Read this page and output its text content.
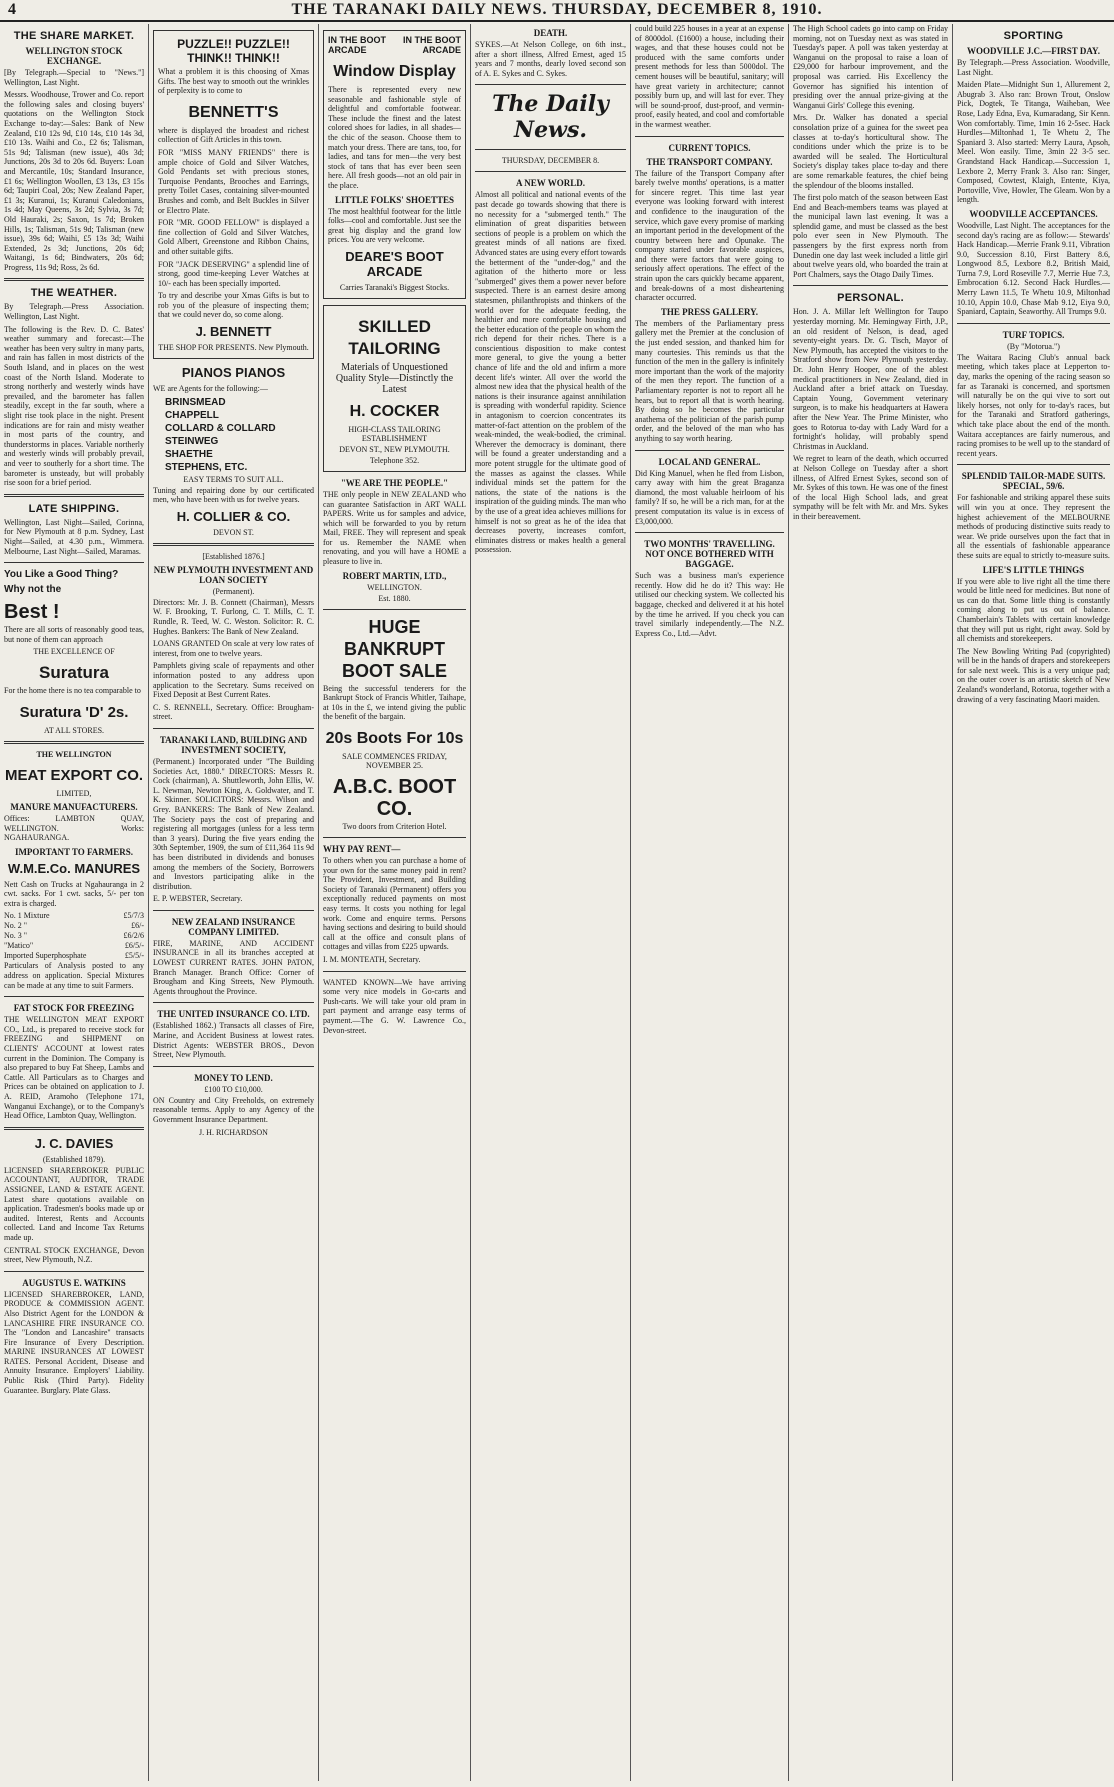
4	THE TARANAKI DAILY NEWS. THURSDAY, DECEMBER 8, 1910.
THE SHARE MARKET.
WELLINGTON STOCK EXCHANGE.

[By Telegraph.—Special to "News."] Wellington, Last Night.

Messrs. Woodhouse, Trower and Co. report the following sales and closing buyers' quotations on the Wellington Stock Exchange to-day:—Sales: Bank of New Zealand, £10 12s 9d, £10 14s, £10 14s 3d, £10 13s. Waihi and Co., £2 6s; Talisman, 51s 9d; Talisman (new issue), 40s 3d; Junctions, 20s 3d to 20s 6d. Buyers: Loan and Mercantile, 10s; Standard Insurance, £1 6s; Wellington Woollen, £3 13s, £3 15s 6d; Taupiri Coal, 20s; New Zealand Paper, £1 3s; Kuranui, 1s; Kuranui Caledonians, 1s 4d; May Queens, 3s 2d; Sylvia, 3s 7d; Old Hauraki, 2s; Saxon, 1s 7d; Broken Hills, 1s; Talisman, 51s 9d; Talisman (new issue), 39s 6d; Waihi, £5 13s 3d; Waihi Extended, 2s 3d; Junctions, 20s 6d; Waitangi, 1s 6d; Bindwaters, 20s 6d; Progress, 11s 9d; Ross, 2s 6d.

THE WEATHER.

By Telegraph.—Press Association. Wellington, Last Night.

The following is the Rev. D. C. Bates' weather summary and forecast:—The weather has been very sultry in many parts, and rain has fallen in most districts of the South Island, and in places on the west coast of the North Island. Moderate to strong northerly and westerly winds have prevailed, and the barometer has fallen steadily, except in the far south, where a slight rise took place in the night. Present indications are for rain and misty weather in most parts of the country, and thunderstorms in places. Variable northerly and westerly winds will probably prevail, and veer to southerly for a short time. The barometer is unsteady, but will probably rise soon for a brief period.

LATE SHIPPING.

Wellington, Last Night—Sailed, Corinna, for New Plymouth at 8 p.m. Sydney, Last Night—Sailed, at 4.30 p.m., Wimmera. Melbourne, Last Night—Sailed, Maramas.

You Like a Good Thing?
Why not the
Best !

There are all sorts of reasonably good teas, but none of them can approach

THE EXCELLENCE OF
Suratura

For the home there is no tea comparable to

Suratura 'D' 2s.
AT ALL STORES.
THE WELLINGTON
MEAT EXPORT CO.
LIMITED,
MANURE MANUFACTURERS.

Offices: LAMBTON QUAY, WELLINGTON. Works: NGAHAURANGA.

IMPORTANT TO FARMERS.
W.M.E.Co. MANURES

Nett Cash on Trucks at Ngahauranga in 2 cwt. sacks. For 1 cwt. sacks, 5/- per ton extra is charged.

No. 1 Mixture	£5/7/3
No. 2 "	£6/-
No. 3 "	£6/2/6
"Matico"	£6/5/-
Imported Superphosphate	£5/5/-

Particulars of Analysis posted to any address on application. Special Mixtures can be made at any time to suit Farmers.

FAT STOCK FOR FREEZING

THE WELLINGTON MEAT EXPORT CO., Ltd., is prepared to receive stock for FREEZING and SHIPMENT on CLIENTS' ACCOUNT at lowest rates current in the Dominion. The Company is also prepared to buy Fat Sheep, Lambs and Cattle. All Particulars as to Charges and Prices can be obtained on application to J. A. REID, Aramoho (Telephone 171, Wanganui Exchange), or to the Company's Head Office, Lambton Quay, Wellington.

J. C. DAVIES
(Established 1879).

LICENSED SHAREBROKER PUBLIC ACCOUNTANT, AUDITOR, TRADE ASSIGNEE, LAND & ESTATE AGENT. Latest share quotations available on application. Tradesmen's books made up or audited. Interest, Rents and Accounts collected. Land and Income Tax Returns made up.

CENTRAL STOCK EXCHANGE, Devon street, New Plymouth, N.Z.

AUGUSTUS E. WATKINS

LICENSED SHAREBROKER, LAND, PRODUCE & COMMISSION AGENT. Also District Agent for the LONDON & LANCASHIRE FIRE INSURANCE CO. The "London and Lancashire" transacts Fire Insurance of Every Description. MARINE INSURANCES AT LOWEST RATES. Personal Accident, Disease and Annuity Insurance. Employers' Liability. Public Risk (Third Party). Fidelity Guarantee. Burglary. Plate Glass.

PUZZLE!! PUZZLE!! THINK!! THINK!!

What a problem it is this choosing of Xmas Gifts. The best way to smooth out the wrinkles of perplexity is to come to

BENNETT'S

where is displayed the broadest and richest collection of Gift Articles in this town.

FOR "MISS MANY FRIENDS" there is ample choice of Gold and Silver Watches, Gold Pendants set with precious stones, Turquoise Pendants, Brooches and Earrings, pretty Toilet Cases, containing silver-mounted Brushes and comb, and Belt Buckles in Silver or Electro Plate.

FOR "MR. GOOD FELLOW" is displayed a fine collection of Gold and Silver Watches, Gold Albert, Greenstone and Ribbon Chains, and other suitable gifts.

FOR "JACK DESERVING" a splendid line of strong, good time-keeping Lever Watches at 10/- each has been specially imported.

To try and describe your Xmas Gifts is but to rob you of the pleasure of inspecting them; that we could never do, so come along.

J. BENNETT
THE SHOP FOR PRESENTS. New Plymouth.
PIANOS PIANOS

WE are Agents for the following:—

BRINSMEAD
CHAPPELL
COLLARD & COLLARD
STEINWEG
SHAETHE
STEPHENS, ETC.
EASY TERMS TO SUIT ALL.

Tuning and repairing done by our certificated men, who have been with us for twelve years.

H. COLLIER & CO.
DEVON ST.
[Established 1876.]
NEW PLYMOUTH INVESTMENT AND LOAN SOCIETY
(Permanent).

Directors: Mr. J. B. Connett (Chairman), Messrs W. F. Brooking, T. Furlong, C. T. Mills, C. T. Rundle, R. Teed, W. C. Weston. Solicitor: R. C. Hughes. Bankers: The Bank of New Zealand.

LOANS GRANTED On scale at very low rates of interest, from one to twelve years.

Pamphlets giving scale of repayments and other information posted to any address upon application to the Secretary. Sums received on Fixed Deposit at Best Current Rates.

C. S. RENNELL, Secretary. Office: Brougham-street.

TARANAKI LAND, BUILDING AND INVESTMENT SOCIETY,

(Permanent.) Incorporated under "The Building Societies Act, 1880." DIRECTORS: Messrs R. Cock (chairman), A. Shuttleworth, John Ellis, W. L. Newman, Newton King, A. Goldwater, and T. K. Skinner. SOLICITORS: Messrs. Wilson and Grey. BANKERS: The Bank of New Zealand. The Society pays the cost of preparing and registering all mortgages (unless for a less term than 3 years). During the five years ending the 30th September, 1909, the sum of £11,364 11s 9d has been distributed in dividends and bonuses among the members of the Society, Borrowers and Investors participating alike in the distribution.

E. P. WEBSTER, Secretary.

NEW ZEALAND INSURANCE COMPANY LIMITED.

FIRE, MARINE, AND ACCIDENT INSURANCE in all its branches accepted at LOWEST CURRENT RATES. JOHN PATON, Branch Manager. Branch Office: Corner of Brougham and King Streets, New Plymouth. Agents throughout the Province.

THE UNITED INSURANCE CO. LTD.

(Established 1862.) Transacts all classes of Fire, Marine, and Accident Business at lowest rates. District Agents: WEBSTER BROS., Devon Street, New Plymouth.

MONEY TO LEND.
£100 TO £10,000.

ON Country and City Freeholds, on extremely reasonable terms. Apply to any Agency of the Government Insurance Department.

J. H. RICHARDSON
IN THE BOOT ARCADE
IN THE BOOT ARCADE
Window Display

There is represented every new seasonable and fashionable style of delightful and comfortable footwear. These include the finest and the latest colored shoes for ladies, in all shades—the chic of the season. Choose them to match your dress. There are tans, too, for ladies, and tans for men—the very best stock of tans that has ever been seen here. All fresh goods—not an old pair in the place.

LITTLE FOLKS' SHOETTES

The most healthful footwear for the little folks—cool and comfortable. Just see the great big display and the grand low prices. You are very welcome.

DEARE'S BOOT ARCADE
Carries Taranaki's Biggest Stocks.
SKILLED TAILORING
Materials of Unquestioned Quality Style—Distinctly the Latest
H. COCKER
HIGH-CLASS TAILORING ESTABLISHMENT
DEVON ST., NEW PLYMOUTH.
Telephone 352.
"WE ARE THE PEOPLE."

THE only people in NEW ZEALAND who can guarantee Satisfaction in ART WALL PAPERS. Write us for samples and advice, which will be forwarded to you by return Mail, FREE. They will represent and speak for us. Remember the NAME when renovating, and you will have a HOME a pleasure to live in.

ROBERT MARTIN, LTD.,
WELLINGTON.
Est. 1880.
HUGE BANKRUPT BOOT SALE

Being the successful tenderers for the Bankrupt Stock of Francis Whitler, Taihape, at 10s in the £, we intend giving the public the benefit of the bargain.

20s Boots For 10s
SALE COMMENCES FRIDAY, NOVEMBER 25.
A.B.C. BOOT CO.
Two doors from Criterion Hotel.
WHY PAY RENT—

To others when you can purchase a home of your own for the same money paid in rent? The Provident, Investment, and Building Society of Taranaki (Permanent) offers you exceptionally reduced payments on most easy terms. It costs you nothing for legal work. Come and enquire terms. Persons having sections and desiring to build should call at the office and consult plans of cottages and villas from £225 upwards.

I. M. MONTEATH, Secretary.

WANTED KNOWN—We have arriving some very nice models in Go-carts and Push-carts. We will take your old pram in part payment and arrange easy terms of payment.—The G. W. Lawrence Co., Devon-street.

DEATH.

SYKES.—At Nelson College, on 6th inst., after a short illness, Alfred Ernest, aged 15 years and 7 months, dearly loved second son of A. E. Sykes and C. Sykes.

The Daily News.
THURSDAY, DECEMBER 8.
A NEW WORLD.

Almost all political and national events of the past decade go towards showing that there is no necessity for a "submerged tenth." The elimination of great disparities between sections of people is a problem on which the greatest minds of all nations are fixed. Advanced states are using every effort towards the betterment of the "under-dog," and the agitation of the hitherto more or less "submerged" gives them a power never before suspected. There is an earnest desire among statesmen, philanthropists and thinkers of the world over for the adequate feeding, the healthier and more comfortable housing and the better education of the people on whom the rich depend for their riches. There is a conscientious disposition to make contest more general, to give the young a better chance of life and the old and infirm a more decent life's winter. All over the world the almost new idea that the physical health of the nations is their insurance against annihilation is spreading with wonderful rapidity. Science in antagonism to coercion concentrates its matter-of-fact attention on the problem of the weak-minded, the weak-bodied, the criminal. Wherever the democracy is dominant, there will be found a greater understanding and a more potent struggle for the ultimate good of the masses as against the classes. While individual minds set the pattern for the nations, the state of the nations is the inspiration of the guiding minds. The man who by the use of a great idea achieves millions for himself is not so great as he of the idea that decreases poverty, increases comfort, eliminates distress or makes health a general possession.

could build 225 houses in a year at an expense of 8000dol. (£1600) a house, including their wages, and that these houses could not be produced with the same comforts under present methods for less than 5000dol. The cement houses will be beautiful, sanitary; will have great variety in architecture; cannot possibly burn up, and will last for ever. They will be sound-proof, dust-proof, and vermin-proof, easily heated, and cool and comfortable in the warmest weather.

CURRENT TOPICS.
THE TRANSPORT COMPANY.

The failure of the Transport Company after barely twelve months' operations, is a matter for sincere regret. This time last year everyone was looking forward with interest and confidence to the inauguration of the service, which gave every promise of marking an important period in the development of the country between here and Opunake. The company started under favorable auspices, and there were factors that were going to seriously affect operations. The effect of the strain upon the cars quickly became apparent, and break-downs of a most disheartening character occurred.

THE PRESS GALLERY.

The members of the Parliamentary press gallery met the Premier at the conclusion of the just ended session, and thanked him for many courtesies. This reminds us that the function of the men in the gallery is infinitely more important than the work of the majority of the men they report. The function of a Parliamentary reporter is not to report all he hears, but to report all that is worth hearing. By doing so he becomes the particular anathema of the politician of the parish pump order, and the beloved of the man who has anything to say worth hearing.

LOCAL AND GENERAL.

Did King Manuel, when he fled from Lisbon, carry away with him the great Braganza diamond, the most valuable heirloom of his family? If so, he will be a rich man, for at the present computation its value is in excess of £3,000,000.

TWO MONTHS' TRAVELLING. NOT ONCE BOTHERED WITH BAGGAGE.

Such was a business man's experience recently. How did he do it? This way: He utilised our checking system. We collected his baggage, checked and delivered it at his hotel by the time he arrived. If you check you can travel similarly independently.—The N.Z. Express Co., Ltd.—Advt.

The High School cadets go into camp on Friday morning, not on Tuesday next as was stated in Tuesday's paper. A poll was taken yesterday at Wanganui on the proposal to raise a loan of £29,000 for harbour improvement, and the proposal was carried. His Excellency the Governor has signified his intention of presiding over the annual prize-giving at the Wanganui Girls' College this evening.

Mrs. Dr. Walker has donated a special consolation prize of a guinea for the sweet pea classes at to-day's horticultural show. The conditions under which the prize is to be awarded will be sealed. The Horticultural Society's display takes place to-day and there are some remarkable features, the chief being the splendour of the blooms installed.

The first polo match of the season between East End and Beach-members teams was played at the municipal lawn last evening. It was a splendid game, and must be classed as the best polo ever seen in New Plymouth. The passengers by the first express north from Dunedin one day last week included a little girl about twelve years old, who boarded the train at Port Chalmers, says the Otago Daily Times.

PERSONAL.

Hon. J. A. Millar left Wellington for Taupo yesterday morning. Mr. Hemingway Firth, J.P., an old resident of Nelson, is dead, aged seventy-eight years. Dr. G. Tisch, Mayor of New Plymouth, has accepted the visitors to the Stratford show from New Plymouth yesterday. Dr. John Henry Hooper, one of the ablest medical practitioners in New Zealand, died in Auckland after a brief attack on Tuesday. Captain Young, Government veterinary surgeon, is to make his headquarters at Hawera after the New Year. The Prime Minister, who goes to Rotorua to-day with Lady Ward for a fortnight's holiday, will probably spend Christmas in Auckland.

We regret to learn of the death, which occurred at Nelson College on Tuesday after a short illness, of Alfred Ernest Sykes, second son of Mr. Sykes of this town. He was one of the finest of the local High School lads, and great sympathy will be felt with Mr. and Mrs. Sykes in their bereavement.

SPORTING
WOODVILLE J.C.—FIRST DAY.

By Telegraph.—Press Association. Woodville, Last Night.

Maiden Plate—Midnight Sun 1, Allurement 2, Abugrab 3. Also ran: Brown Trout, Onslow Pick, Dogtek, Te Titanga, Waiheban, Wee Rose, Lady Edna, Eva, Kumaradang, Sir Kenn. Won comfortably. Time, 1min 16 2-5sec. Hack Hurdles—Miltonhad 1, Te Whetu 2, The Spaniard 3. Also started: Merry Laura, Apsoh, Meel. Won easily. Time, 3min 22 3-5 sec. Grandstand Hack Handicap.—Succession 1, Lexbore 2, Merry Frank 3. Also ran: Singer, Composed, Cowtest, Klaigh, Entente, Kiya, Portoville, Vive, Howler, The Gleam. Won by a length.

WOODVILLE ACCEPTANCES.

Woodville, Last Night. The acceptances for the second day's racing are as follow:— Stewards' Hack Handicap.—Merrie Frank 9.11, Vibration 9.0, Succession 8.10, First Battery 8.6, Longwood 8.5, Lexbore 8.2, British Maid, Turna 7.9, Lord Roseville 7.7, Merrie Hue 7.3, Embrocation 6.12. Second Hack Hurdles.—Merry Lawn 11.5, Te Whetu 10.9, Miltonhad 10.10, Appin 10.0, Chase Mab 9.12, Eiya 9.0, Spaniard, Captain, Seaworthy. All Trumps 9.0.

TURF TOPICS.
(By "Motorua.")

The Waitara Racing Club's annual back meeting, which takes place at Lepperton to-day, marks the opening of the racing season so far as Taranaki is concerned, and sportsmen will naturally be on the qui vive to sort out likely horses, not only for to-day's races, but for the Taranaki and Stratford gatherings, which take place about the end of the month. Waitara acceptances are fairly numerous, and racing promises to be well up to the standard of recent years.

SPLENDID TAILOR-MADE SUITS. SPECIAL, 59/6.

For fashionable and striking apparel these suits will win you at once. They represent the highest achievement of the MELBOURNE methods of producing distinctive suits ready to wear. We pride ourselves upon the fact that in all the essentials of fashionable appearance these suits are equal to strictly to-measure suits.

LIFE'S LITTLE THINGS

If you were able to live right all the time there would be little need for medicines. But none of us can do that. Some little thing is constantly coming along to put us out of balance. Chamberlain's Tablets with certain knowledge that they will put us right, right away. Sold by all chemists and storekeepers.

The New Bowling Writing Pad (copyrighted) will be in the hands of drapers and storekeepers for sale next week. This is a very unique pad; on the outer cover is an artistic sketch of New Zealand's wonderland, Rotorua, together with a drawing of a very fascinating Maori maiden.
